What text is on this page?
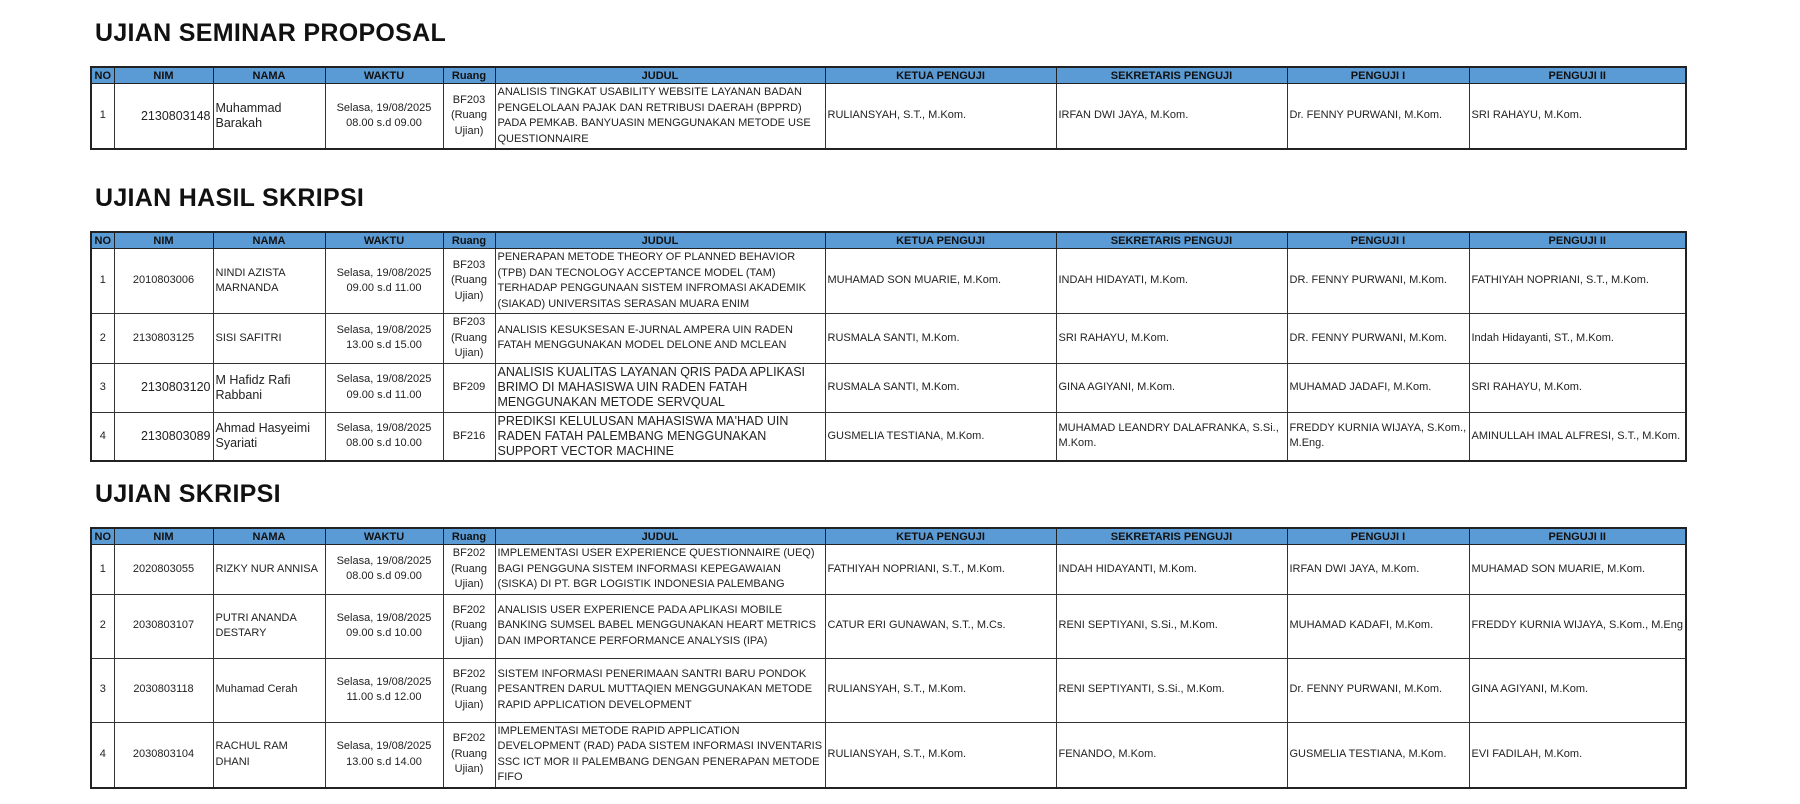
UJIAN SEMINAR PROPOSAL
NO	NIM	NAMA	WAKTU	Ruang	JUDUL	KETUA PENGUJI	SEKRETARIS PENGUJI	PENGUJI I	PENGUJI II
1	2130803148	Muhammad Barakah	Selasa, 19/08/2025
08.00 s.d 09.00	BF203 (Ruang Ujian)	ANALISIS TINGKAT USABILITY WEBSITE LAYANAN BADAN PENGELOLAAN PAJAK DAN RETRIBUSI DAERAH (BPPRD) PADA PEMKAB. BANYUASIN MENGGUNAKAN METODE USE QUESTIONNAIRE	RULIANSYAH, S.T., M.Kom.	IRFAN DWI JAYA, M.Kom.	Dr. FENNY PURWANI, M.Kom.	SRI RAHAYU, M.Kom.
UJIAN HASIL SKRIPSI
NO	NIM	NAMA	WAKTU	Ruang	JUDUL	KETUA PENGUJI	SEKRETARIS PENGUJI	PENGUJI I	PENGUJI II
1	2010803006	NINDI AZISTA MARNANDA	Selasa, 19/08/2025
09.00 s.d 11.00	BF203 (Ruang Ujian)	PENERAPAN METODE THEORY OF PLANNED BEHAVIOR (TPB) DAN TECNOLOGY ACCEPTANCE MODEL (TAM) TERHADAP PENGGUNAAN SISTEM INFROMASI AKADEMIK (SIAKAD) UNIVERSITAS SERASAN MUARA ENIM	MUHAMAD SON MUARIE, M.Kom.	INDAH HIDAYATI, M.Kom.	DR. FENNY PURWANI, M.Kom.	FATHIYAH NOPRIANI, S.T., M.Kom.
2	2130803125	SISI SAFITRI	Selasa, 19/08/2025
13.00 s.d 15.00	BF203 (Ruang Ujian)	ANALISIS KESUKSESAN E-JURNAL AMPERA UIN RADEN FATAH MENGGUNAKAN MODEL DELONE AND MCLEAN	RUSMALA SANTI, M.Kom.	SRI RAHAYU, M.Kom.	DR. FENNY PURWANI, M.Kom.	Indah Hidayanti, ST., M.Kom.
3	2130803120	M Hafidz Rafi Rabbani	Selasa, 19/08/2025
09.00 s.d 11.00	BF209	ANALISIS KUALITAS LAYANAN QRIS PADA APLIKASI BRIMO DI MAHASISWA UIN RADEN FATAH MENGGUNAKAN METODE SERVQUAL	RUSMALA SANTI, M.Kom.	GINA AGIYANI, M.Kom.	MUHAMAD JADAFI, M.Kom.	SRI RAHAYU, M.Kom.
4	2130803089	Ahmad Hasyeimi Syariati	Selasa, 19/08/2025
08.00 s.d 10.00	BF216	PREDIKSI KELULUSAN MAHASISWA MA'HAD UIN RADEN FATAH PALEMBANG MENGGUNAKAN SUPPORT VECTOR MACHINE	GUSMELIA TESTIANA, M.Kom.	MUHAMAD LEANDRY DALAFRANKA, S.Si., M.Kom.	FREDDY KURNIA WIJAYA, S.Kom., M.Eng.	AMINULLAH IMAL ALFRESI, S.T., M.Kom.
UJIAN SKRIPSI
NO	NIM	NAMA	WAKTU	Ruang	JUDUL	KETUA PENGUJI	SEKRETARIS PENGUJI	PENGUJI I	PENGUJI II
1	2020803055	RIZKY NUR ANNISA	Selasa, 19/08/2025
08.00 s.d 09.00	BF202 (Ruang Ujian)	IMPLEMENTASI USER EXPERIENCE QUESTIONNAIRE (UEQ) BAGI PENGGUNA SISTEM INFORMASI KEPEGAWAIAN (SISKA) DI PT. BGR LOGISTIK INDONESIA PALEMBANG	FATHIYAH NOPRIANI, S.T., M.Kom.	INDAH HIDAYANTI, M.Kom.	IRFAN DWI JAYA, M.Kom.	MUHAMAD SON MUARIE, M.Kom.
2	2030803107	PUTRI ANANDA DESTARY	Selasa, 19/08/2025
09.00 s.d 10.00	BF202 (Ruang Ujian)	ANALISIS USER EXPERIENCE PADA APLIKASI MOBILE BANKING SUMSEL BABEL MENGGUNAKAN HEART METRICS DAN IMPORTANCE PERFORMANCE ANALYSIS (IPA)	CATUR ERI GUNAWAN, S.T., M.Cs.	RENI SEPTIYANI, S.Si., M.Kom.	MUHAMAD KADAFI, M.Kom.	FREDDY KURNIA WIJAYA, S.Kom., M.Eng
3	2030803118	Muhamad Cerah	Selasa, 19/08/2025
11.00 s.d 12.00	BF202 (Ruang Ujian)	SISTEM INFORMASI PENERIMAAN SANTRI BARU PONDOK PESANTREN DARUL MUTTAQIEN MENGGUNAKAN METODE RAPID APPLICATION DEVELOPMENT	RULIANSYAH, S.T., M.Kom.	RENI SEPTIYANTI, S.Si., M.Kom.	Dr. FENNY PURWANI, M.Kom.	GINA AGIYANI, M.Kom.
4	2030803104	RACHUL RAM DHANI	Selasa, 19/08/2025
13.00 s.d 14.00	BF202 (Ruang Ujian)	IMPLEMENTASI METODE RAPID APPLICATION DEVELOPMENT (RAD) PADA SISTEM INFORMASI INVENTARIS SSC ICT MOR II PALEMBANG DENGAN PENERAPAN METODE FIFO	RULIANSYAH, S.T., M.Kom.	FENANDO, M.Kom.	GUSMELIA TESTIANA, M.Kom.	EVI FADILAH, M.Kom.
